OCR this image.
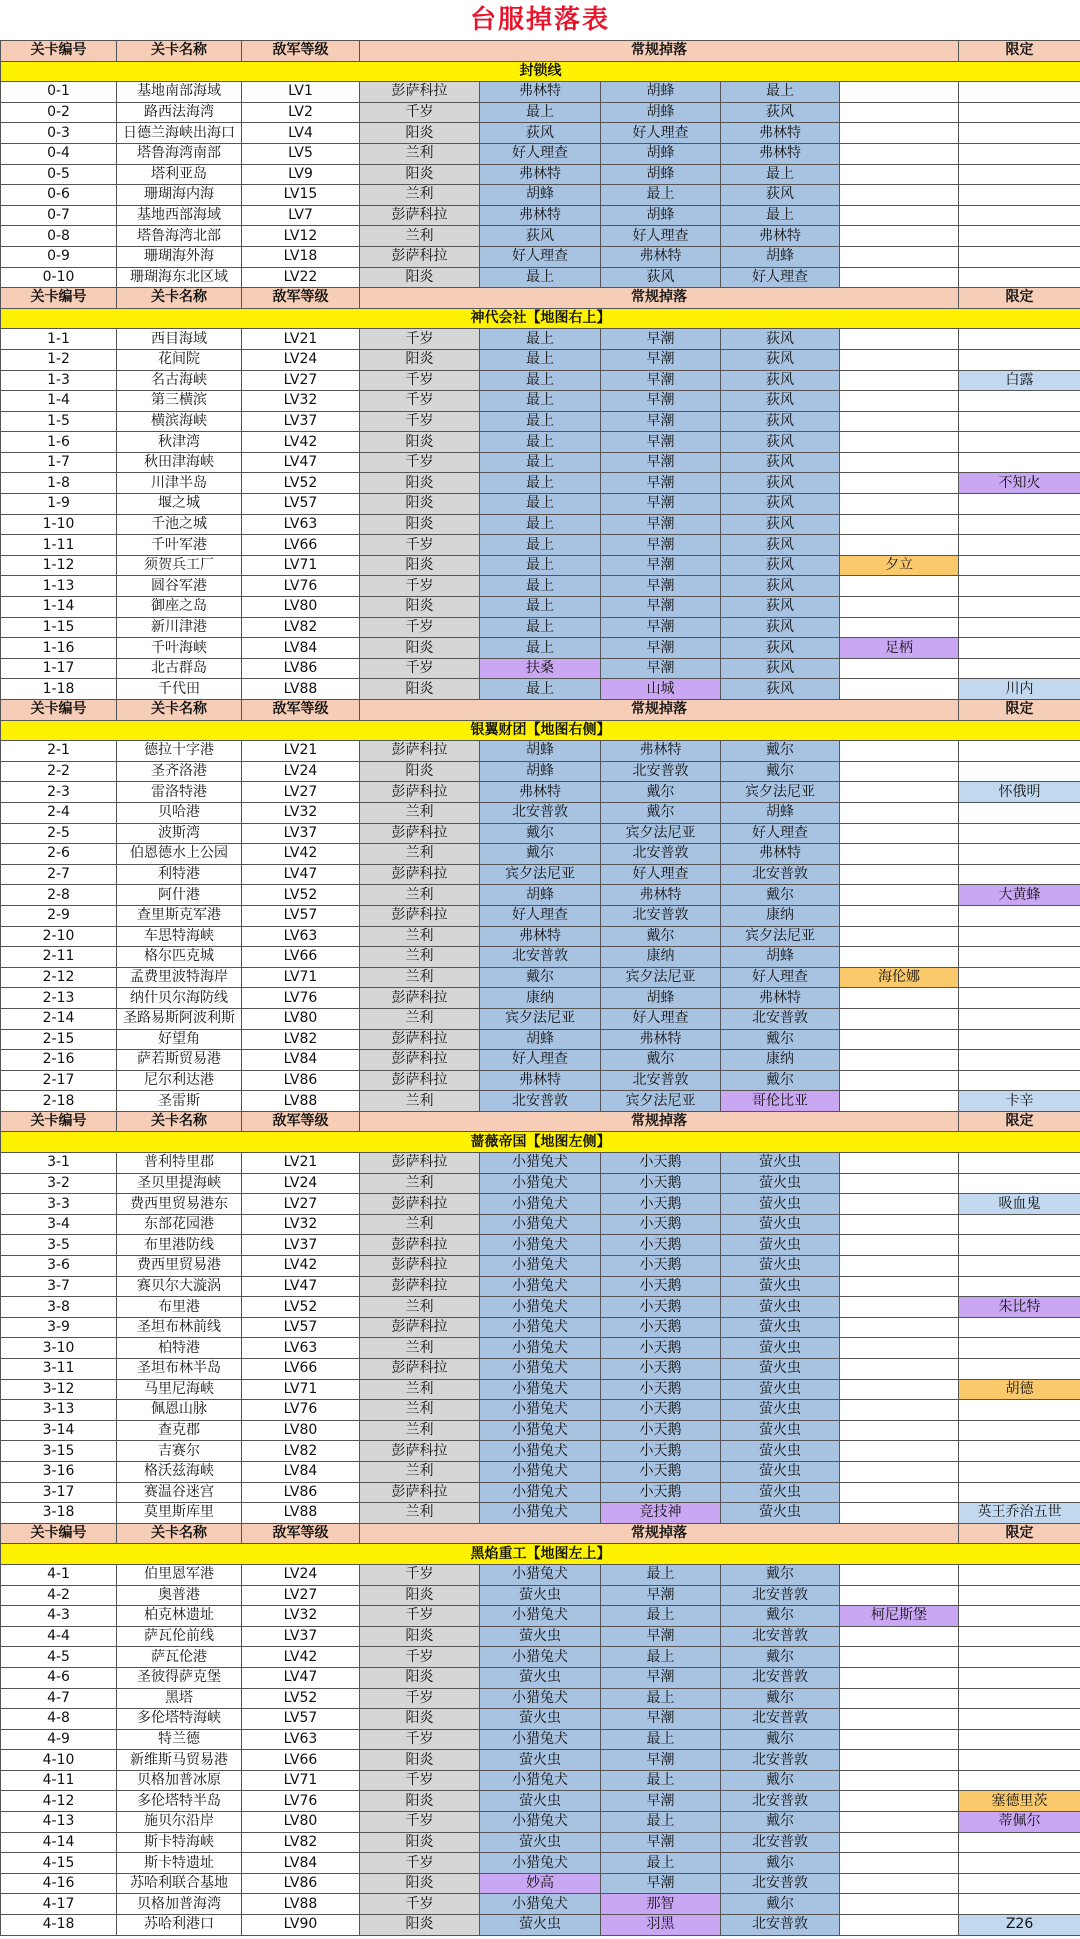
台服掉落表
关卡编号	关卡名称	敌军等级	常规掉落					限定
封锁线								
0-1	基地南部海域	LV1	彭萨科拉	弗林特	胡蜂	最上		
0-2	路西法海湾	LV2	千岁	最上	胡蜂	荻风		
0-3	日德兰海峡出海口	LV4	阳炎	荻风	好人理查	弗林特		
0-4	塔鲁海湾南部	LV5	兰利	好人理查	胡蜂	弗林特		
0-5	塔利亚岛	LV9	阳炎	弗林特	胡蜂	最上		
0-6	珊瑚海内海	LV15	兰利	胡蜂	最上	荻风		
0-7	基地西部海域	LV7	彭萨科拉	弗林特	胡蜂	最上		
0-8	塔鲁海湾北部	LV12	兰利	荻风	好人理查	弗林特		
0-9	珊瑚海外海	LV18	彭萨科拉	好人理查	弗林特	胡蜂		
0-10	珊瑚海东北区域	LV22	阳炎	最上	荻风	好人理查		
关卡编号	关卡名称	敌军等级	常规掉落					限定
神代会社【地图右上】								
1-1	西目海域	LV21	千岁	最上	早潮	荻风		
1-2	花间院	LV24	阳炎	最上	早潮	荻风		
1-3	名古海峡	LV27	千岁	最上	早潮	荻风		白露
1-4	第三横滨	LV32	千岁	最上	早潮	荻风		
1-5	横滨海峡	LV37	千岁	最上	早潮	荻风		
1-6	秋津湾	LV42	阳炎	最上	早潮	荻风		
1-7	秋田津海峡	LV47	千岁	最上	早潮	荻风		
1-8	川津半岛	LV52	阳炎	最上	早潮	荻风		不知火
1-9	堰之城	LV57	阳炎	最上	早潮	荻风		
1-10	千池之城	LV63	阳炎	最上	早潮	荻风		
1-11	千叶军港	LV66	千岁	最上	早潮	荻风		
1-12	须贺兵工厂	LV71	阳炎	最上	早潮	荻风	夕立	
1-13	圆谷军港	LV76	千岁	最上	早潮	荻风		
1-14	御座之岛	LV80	阳炎	最上	早潮	荻风		
1-15	新川津港	LV82	千岁	最上	早潮	荻风		
1-16	千叶海峡	LV84	阳炎	最上	早潮	荻风	足柄	
1-17	北古群岛	LV86	千岁	扶桑	早潮	荻风		
1-18	千代田	LV88	阳炎	最上	山城	荻风		川内
关卡编号	关卡名称	敌军等级	常规掉落					限定
银翼财团【地图右侧】								
2-1	德拉十字港	LV21	彭萨科拉	胡蜂	弗林特	戴尔		
2-2	圣齐洛港	LV24	阳炎	胡蜂	北安普敦	戴尔		
2-3	雷洛特港	LV27	彭萨科拉	弗林特	戴尔	宾夕法尼亚		怀俄明
2-4	贝哈港	LV32	兰利	北安普敦	戴尔	胡蜂		
2-5	波斯湾	LV37	彭萨科拉	戴尔	宾夕法尼亚	好人理查		
2-6	伯恩德水上公园	LV42	兰利	戴尔	北安普敦	弗林特		
2-7	利特港	LV47	彭萨科拉	宾夕法尼亚	好人理查	北安普敦		
2-8	阿什港	LV52	兰利	胡蜂	弗林特	戴尔		大黄蜂
2-9	查里斯克军港	LV57	彭萨科拉	好人理查	北安普敦	康纳		
2-10	车思特海峡	LV63	兰利	弗林特	戴尔	宾夕法尼亚		
2-11	格尔匹克城	LV66	兰利	北安普敦	康纳	胡蜂		
2-12	孟费里波特海岸	LV71	兰利	戴尔	宾夕法尼亚	好人理查	海伦娜	
2-13	纳什贝尔海防线	LV76	彭萨科拉	康纳	胡蜂	弗林特		
2-14	圣路易斯阿波利斯	LV80	兰利	宾夕法尼亚	好人理查	北安普敦		
2-15	好望角	LV82	彭萨科拉	胡蜂	弗林特	戴尔		
2-16	萨若斯贸易港	LV84	彭萨科拉	好人理查	戴尔	康纳		
2-17	尼尔利达港	LV86	彭萨科拉	弗林特	北安普敦	戴尔		
2-18	圣雷斯	LV88	兰利	北安普敦	宾夕法尼亚	哥伦比亚		卡辛
关卡编号	关卡名称	敌军等级	常规掉落					限定
蔷薇帝国【地图左侧】								
3-1	普利特里郡	LV21	彭萨科拉	小猎兔犬	小天鹅	萤火虫		
3-2	圣贝里提海峡	LV24	兰利	小猎兔犬	小天鹅	萤火虫		
3-3	费西里贸易港东	LV27	彭萨科拉	小猎兔犬	小天鹅	萤火虫		吸血鬼
3-4	东部花园港	LV32	兰利	小猎兔犬	小天鹅	萤火虫		
3-5	布里港防线	LV37	彭萨科拉	小猎兔犬	小天鹅	萤火虫		
3-6	费西里贸易港	LV42	彭萨科拉	小猎兔犬	小天鹅	萤火虫		
3-7	赛贝尔大漩涡	LV47	彭萨科拉	小猎兔犬	小天鹅	萤火虫		
3-8	布里港	LV52	兰利	小猎兔犬	小天鹅	萤火虫		朱比特
3-9	圣坦布林前线	LV57	彭萨科拉	小猎兔犬	小天鹅	萤火虫		
3-10	柏特港	LV63	兰利	小猎兔犬	小天鹅	萤火虫		
3-11	圣坦布林半岛	LV66	彭萨科拉	小猎兔犬	小天鹅	萤火虫		
3-12	马里尼海峡	LV71	兰利	小猎兔犬	小天鹅	萤火虫		胡德
3-13	佩恩山脉	LV76	兰利	小猎兔犬	小天鹅	萤火虫		
3-14	查克郡	LV80	兰利	小猎兔犬	小天鹅	萤火虫		
3-15	吉赛尔	LV82	彭萨科拉	小猎兔犬	小天鹅	萤火虫		
3-16	格沃兹海峡	LV84	兰利	小猎兔犬	小天鹅	萤火虫		
3-17	赛温谷迷宫	LV86	彭萨科拉	小猎兔犬	小天鹅	萤火虫		
3-18	莫里斯库里	LV88	兰利	小猎兔犬	竞技神	萤火虫		英王乔治五世
关卡编号	关卡名称	敌军等级	常规掉落					限定
黑焰重工【地图左上】								
4-1	伯里恩军港	LV24	千岁	小猎兔犬	最上	戴尔		
4-2	奥普港	LV27	阳炎	萤火虫	早潮	北安普敦		
4-3	柏克林遗址	LV32	千岁	小猎兔犬	最上	戴尔	柯尼斯堡	
4-4	萨瓦伦前线	LV37	阳炎	萤火虫	早潮	北安普敦		
4-5	萨瓦伦港	LV42	千岁	小猎兔犬	最上	戴尔		
4-6	圣彼得萨克堡	LV47	阳炎	萤火虫	早潮	北安普敦		
4-7	黑塔	LV52	千岁	小猎兔犬	最上	戴尔		
4-8	多伦塔特海峡	LV57	阳炎	萤火虫	早潮	北安普敦		
4-9	特兰德	LV63	千岁	小猎兔犬	最上	戴尔		
4-10	新维斯马贸易港	LV66	阳炎	萤火虫	早潮	北安普敦		
4-11	贝格加普冰原	LV71	千岁	小猎兔犬	最上	戴尔		
4-12	多伦塔特半岛	LV76	阳炎	萤火虫	早潮	北安普敦		塞德里茨
4-13	施贝尔沿岸	LV80	千岁	小猎兔犬	最上	戴尔		蒂佩尔
4-14	斯卡特海峡	LV82	阳炎	萤火虫	早潮	北安普敦		
4-15	斯卡特遗址	LV84	千岁	小猎兔犬	最上	戴尔		
4-16	苏哈利联合基地	LV86	阳炎	妙高	早潮	北安普敦		
4-17	贝格加普海湾	LV88	千岁	小猎兔犬	那智	戴尔		
4-18	苏哈利港口	LV90	阳炎	萤火虫	羽黑	北安普敦		Z26
